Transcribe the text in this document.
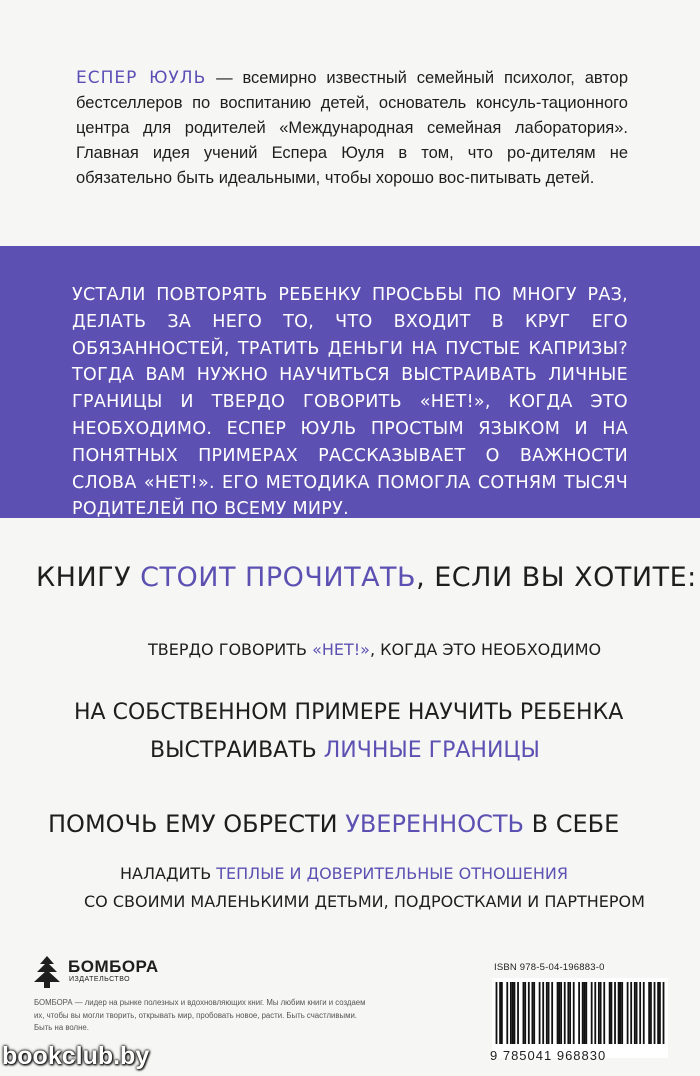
ЕСПЕР ЮУЛЬ — всемирно известный семейный психолог, автор бестселлеров по воспитанию детей, основатель консуль-тационного центра для родителей «Международная семейная лаборатория». Главная идея учений Еспера Юуля в том, что ро-дителям не обязательно быть идеальными, чтобы хорошо вос-питывать детей.
УСТАЛИ ПОВТОРЯТЬ РЕБЕНКУ ПРОСЬБЫ ПО МНОГУ РАЗ, ДЕЛАТЬ ЗА НЕГО ТО, ЧТО ВХОДИТ В КРУГ ЕГО ОБЯЗАННОСТЕЙ, ТРАТИТЬ ДЕНЬГИ НА ПУСТЫЕ КАПРИЗЫ? ТОГДА ВАМ НУЖНО НАУЧИТЬСЯ ВЫСТРАИВАТЬ ЛИЧНЫЕ ГРАНИЦЫ И ТВЕРДО ГОВОРИТЬ «НЕТ!», КОГДА ЭТО НЕОБХОДИМО. ЕСПЕР ЮУЛЬ ПРОСТЫМ ЯЗЫКОМ И НА ПОНЯТНЫХ ПРИМЕРАХ РАССКАЗЫВАЕТ О ВАЖНОСТИ СЛОВА «НЕТ!». ЕГО МЕТОДИКА ПОМОГЛА СОТНЯМ ТЫСЯЧ РОДИТЕЛЕЙ ПО ВСЕМУ МИРУ.
КНИГУ СТОИТ ПРОЧИТАТЬ, ЕСЛИ ВЫ ХОТИТЕ:
ТВЕРДО ГОВОРИТЬ «НЕТ!», КОГДА ЭТО НЕОБХОДИМО
НА СОБСТВЕННОМ ПРИМЕРЕ НАУЧИТЬ РЕБЕНКА
ВЫСТРАИВАТЬ ЛИЧНЫЕ ГРАНИЦЫ
ПОМОЧЬ ЕМУ ОБРЕСТИ УВЕРЕННОСТЬ В СЕБЕ
НАЛАДИТЬ ТЕПЛЫЕ И ДОВЕРИТЕЛЬНЫЕ ОТНОШЕНИЯ
СО СВОИМИ МАЛЕНЬКИМИ ДЕТЬМИ, ПОДРОСТКАМИ И ПАРТНЕРОМ
БОМБОРА
ИЗДАТЕЛЬСТВО
БОМБОРА — лидер на рынке полезных и вдохновляющих книг. Мы любим книги и создаем их, чтобы вы могли творить, открывать мир, пробовать новое, расти. Быть счастливыми. Быть на волне.
ISBN 978-5-04-196883-0
9 785041 968830
bookclub.by
